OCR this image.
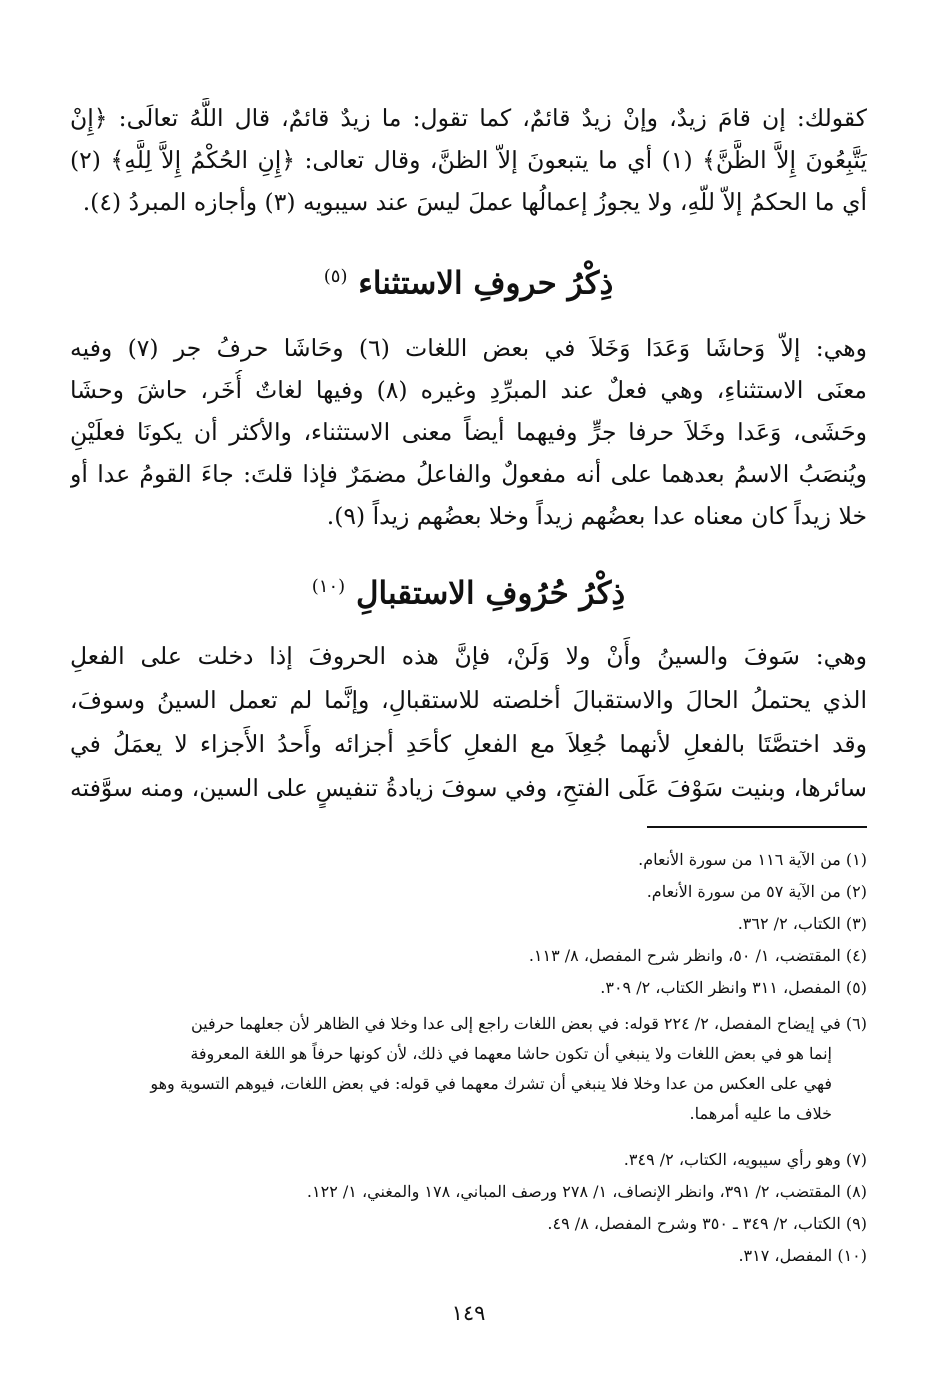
كقولك: إن قامَ زيدٌ، وإنْ زيدٌ قائمٌ، كما تقول: ما زيدٌ قائمٌ، قال اللَّهُ تعالَى: ﴿إِنْ
يَتَّبِعُونَ إِلاَّ الظَّنَّ﴾ (١) أي ما يتبعونَ إلاّ الظنَّ، وقال تعالى: ﴿إِنِ الحُكْمُ إِلاَّ لِلَّهِ﴾ (٢)
أي ما الحكمُ إلاّ للّهِ، ولا يجوزُ إعمالُها عملَ ليسَ عند سيبويه (٣) وأجازه المبردُ (٤).
ذِكْرُ حروفِ الاستثناء $^{(٥)}$
وهي: إلاّ وَحاشَا وَعَدَا وَخَلاَ في بعض اللغات (٦) وحَاشَا حرفُ جر (٧) وفيه
معنَى الاستثناءِ، وهي فعلٌ عند المبرِّدِ وغيره (٨) وفيها لغاتٌ أُخَر، حاشَ وحشَا
وحَشَى، وَعَدا وخَلاَ حرفا جرٍّ وفيهما أيضاً معنى الاستثناء، والأكثر أن يكونَا فعلَيْنِ
ويُنصَبُ الاسمُ بعدهما على أنه مفعولٌ والفاعلُ مضمَرٌ فإذا قلتَ: جاءَ القومُ عدا أو
خلا زيداً كان معناه عدا بعضُهم زيداً وخلا بعضُهم زيداً (٩).
ذِكْرُ حُرُوفِ الاستقبالِ $^{(١٠)}$
وهي: سَوفَ والسينُ وأَنْ ولا وَلَنْ، فإنَّ هذه الحروفَ إذا دخلت على الفعلِ
الذي يحتملُ الحالَ والاستقبالَ أخلصته للاستقبالِ، وإنَّما لم تعمل السينُ وسوفَ،
وقد اختصَّتَا بالفعلِ لأنهما جُعِلاَ مع الفعلِ كأحَدِ أجزائه وأَحدُ الأَجزاء لا يعمَلُ في
سائرها، وبنيت سَوْفَ عَلَى الفتحِ، وفي سوفَ زيادةُ تنفيسٍ على السين، ومنه سوَّفته
(١) من الآية ١١٦ من سورة الأنعام.
(٢) من الآية ٥٧ من سورة الأنعام.
(٣) الكتاب، ٢/ ٣٦٢.
(٤) المقتضب، ١/ ٥٠، وانظر شرح المفصل، ٨/ ١١٣.
(٥) المفصل، ٣١١ وانظر الكتاب، ٢/ ٣٠٩.
(٦) في إيضاح المفصل، ٢/ ٢٢٤ قوله: في بعض اللغات راجع إلى عدا وخلا في الظاهر لأن جعلهما حرفين
إنما هو في بعض اللغات ولا ينبغي أن تكون حاشا معهما في ذلك، لأن كونها حرفاً هو اللغة المعروفة
فهي على العكس من عدا وخلا فلا ينبغي أن تشرك معهما في قوله: في بعض اللغات، فيوهم التسوية وهو
خلاف ما عليه أمرهما.
(٧) وهو رأي سيبويه، الكتاب، ٢/ ٣٤٩.
(٨) المقتضب، ٢/ ٣٩١، وانظر الإنصاف، ١/ ٢٧٨ ورصف المباني، ١٧٨ والمغني، ١/ ١٢٢.
(٩) الكتاب، ٢/ ٣٤٩ ـ ٣٥٠ وشرح المفصل، ٨/ ٤٩.
(١٠) المفصل، ٣١٧.
١٤٩
